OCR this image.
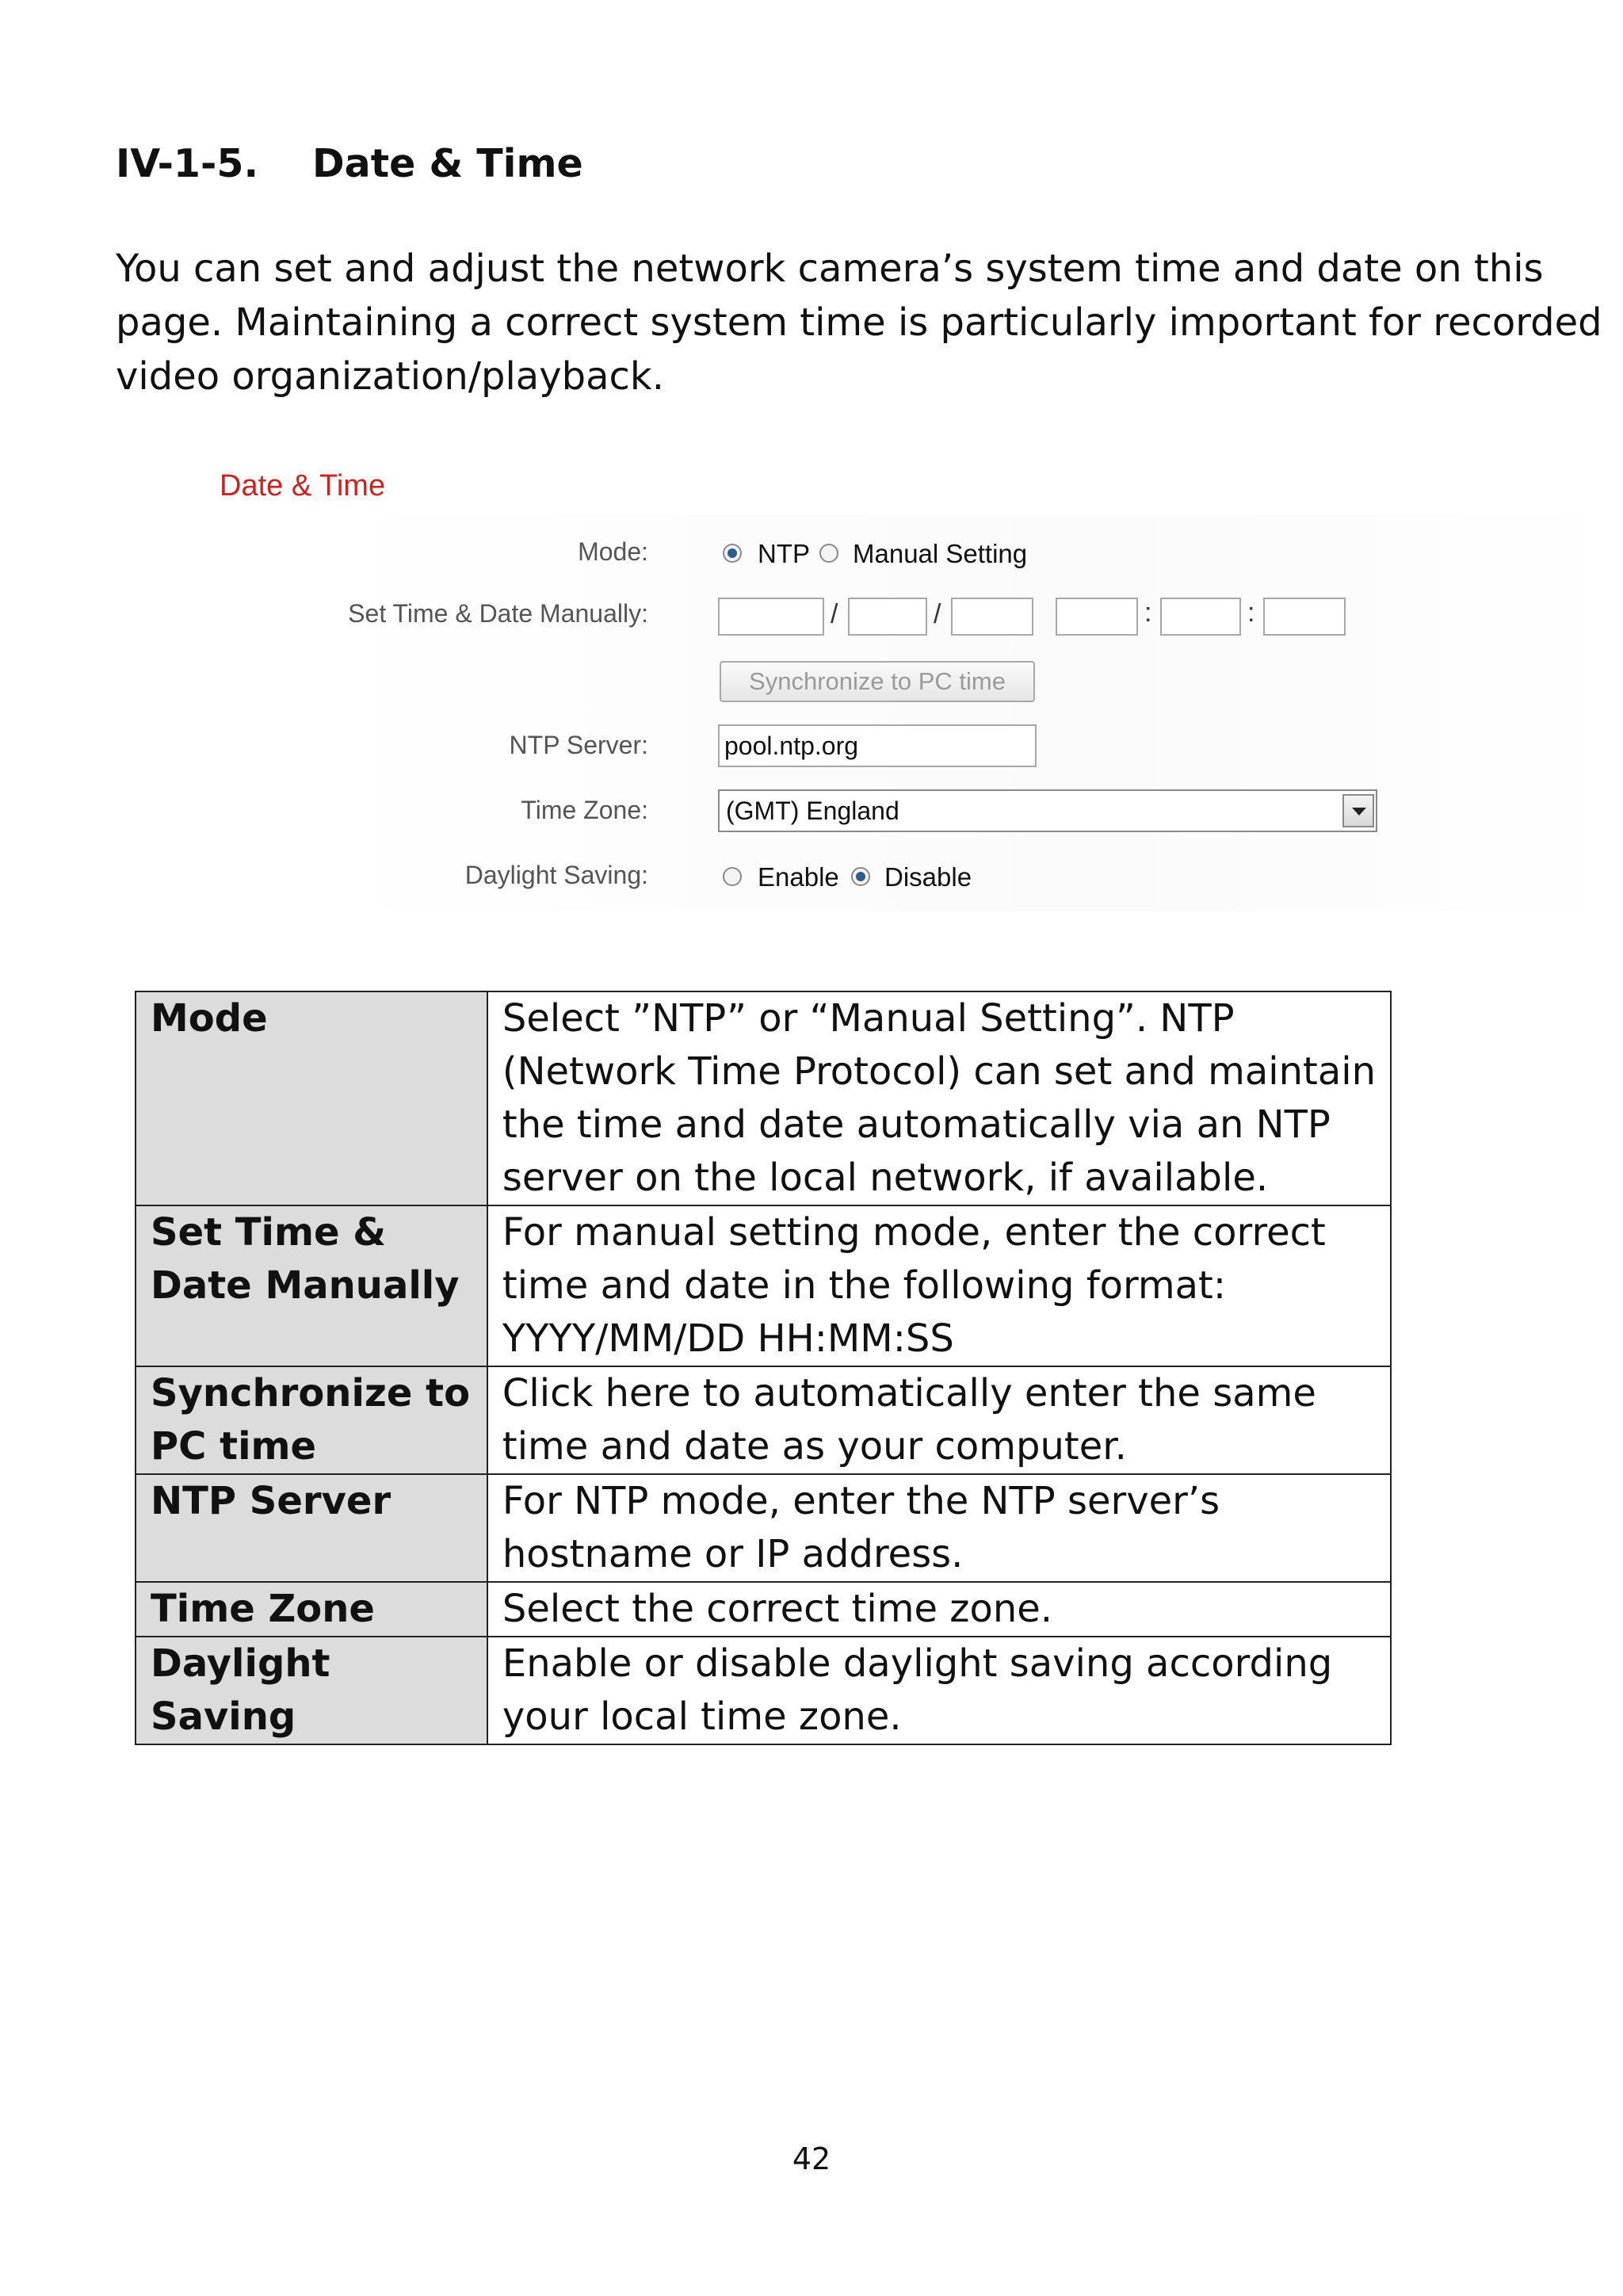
IV-1-5. Date & Time

You can set and adjust the network camera’s system time and date on this

page. Maintaining a correct system time is particularly important for recorded

video organization/playback.

Date & Time
Mode:	NTP Manual Setting
Set Time & Date Manually:	/	/	:	:
Synchronize to PC time
NTP Server:	pool.ntp.org
Time Zone:	(GMT) England
Daylight Saving:	Enable Disable
Mode	Select ”NTP” or “Manual Setting”. NTP
(Network Time Protocol) can set and maintain
the time and date automatically via an NTP
server on the local network, if available.

Set Time & Date Manually	For manual setting mode, enter the correct
time and date in the following format:
YYYY/MM/DD HH:MM:SS

Synchronize to PC time	Click here to automatically enter the same
time and date as your computer.

NTP Server	For NTP mode, enter the NTP server’s
hostname or IP address.

Time Zone	Select the correct time zone.

Daylight Saving	Enable or disable daylight saving according
your local time zone.
42
